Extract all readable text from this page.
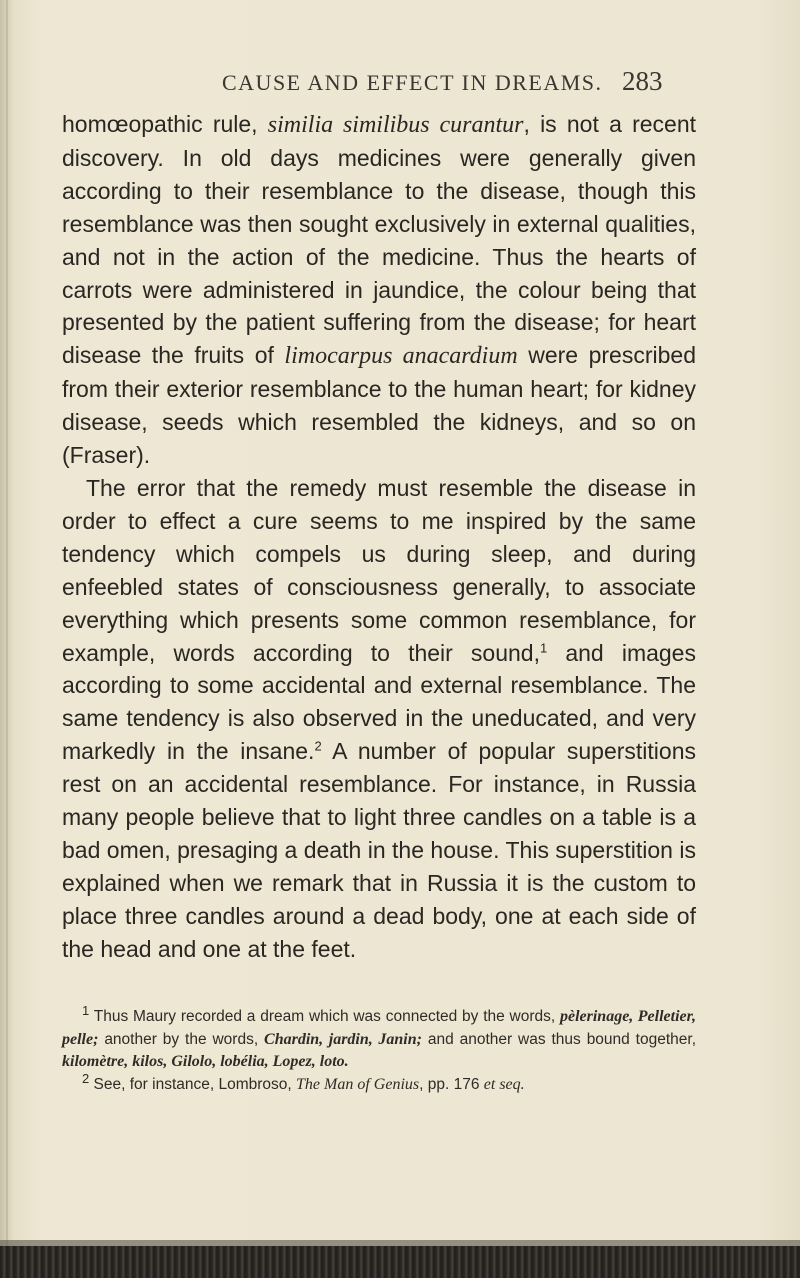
CAUSE AND EFFECT IN DREAMS. 283

homœopathic rule, similia similibus curantur, is not a recent discovery. In old days medicines were generally given according to their resemblance to the disease, though this resemblance was then sought exclusively in external qualities, and not in the action of the medicine. Thus the hearts of carrots were administered in jaundice, the colour being that presented by the patient suffering from the disease; for heart disease the fruits of limocarpus anacardium were prescribed from their exterior resemblance to the human heart; for kidney disease, seeds which resembled the kidneys, and so on (Fraser).

The error that the remedy must resemble the disease in order to effect a cure seems to me inspired by the same tendency which compels us during sleep, and during enfeebled states of consciousness generally, to associate everything which presents some common resemblance, for example, words according to their sound,$^1$ and images according to some accidental and external resemblance. The same tendency is also observed in the uneducated, and very markedly in the insane.$^2$ A number of popular superstitions rest on an accidental resemblance. For instance, in Russia many people believe that to light three candles on a table is a bad omen, presaging a death in the house. This superstition is explained when we remark that in Russia it is the custom to place three candles around a dead body, one at each side of the head and one at the feet.

$^1$ Thus Maury recorded a dream which was connected by the words, pèlerinage, Pelletier, pelle; another by the words, Chardin, jardin, Janin; and another was thus bound together, kilomètre, kilos, Gilolo, lobélia, Lopez, loto.

$^2$ See, for instance, Lombroso, The Man of Genius, pp. 176 et seq.
